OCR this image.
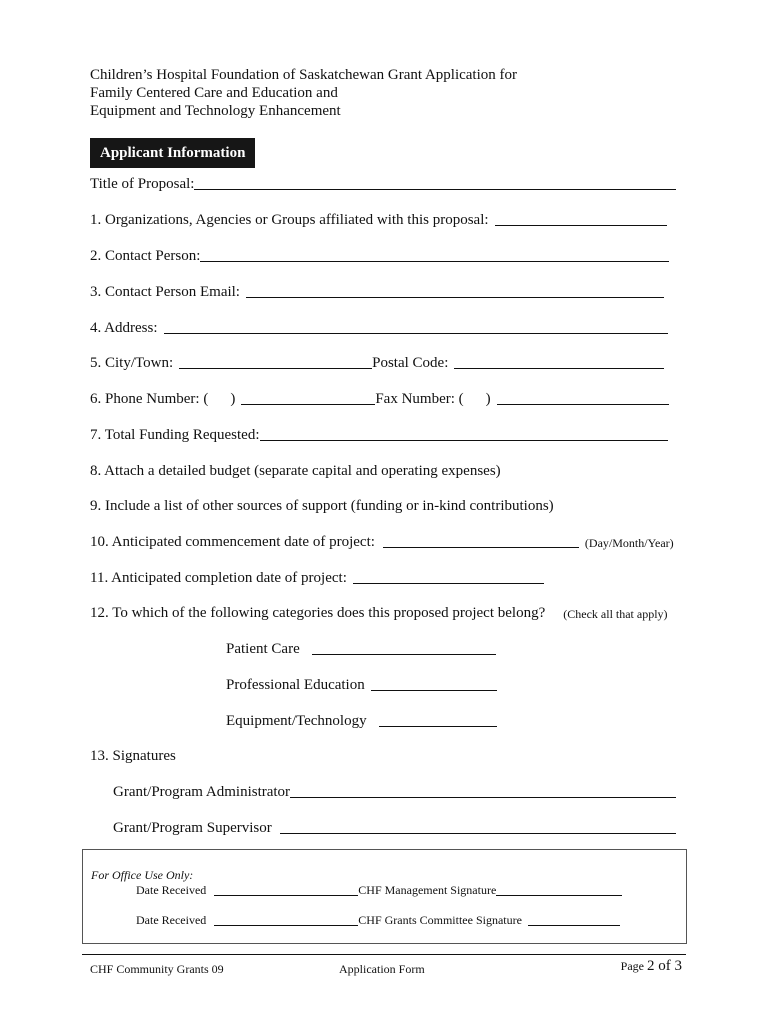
Children’s Hospital Foundation of Saskatchewan Grant Application for
Family Centered Care and Education and
Equipment and Technology Enhancement
Applicant Information
Title of Proposal:
1. Organizations, Agencies or Groups affiliated with this proposal:
2. Contact Person:
3. Contact Person Email:
4. Address:
5. City/Town:	Postal Code:
6. Phone Number: ( )	Fax Number: ( )
7. Total Funding Requested:
8. Attach a detailed budget (separate capital and operating expenses)
9. Include a list of other sources of support (funding or in-kind contributions)
10. Anticipated commencement date of project:	(Day/Month/Year)
11. Anticipated completion date of project:
12. To which of the following categories does this proposed project belong? (Check all that apply)
Patient Care
Professional Education
Equipment/Technology
13. Signatures
Grant/Program Administrator
Grant/Program Supervisor
For Office Use Only:
Date Received	CHF Management Signature
Date Received	CHF Grants Committee Signature
CHF Community Grants 09	Application Form	Page 2 of 3
